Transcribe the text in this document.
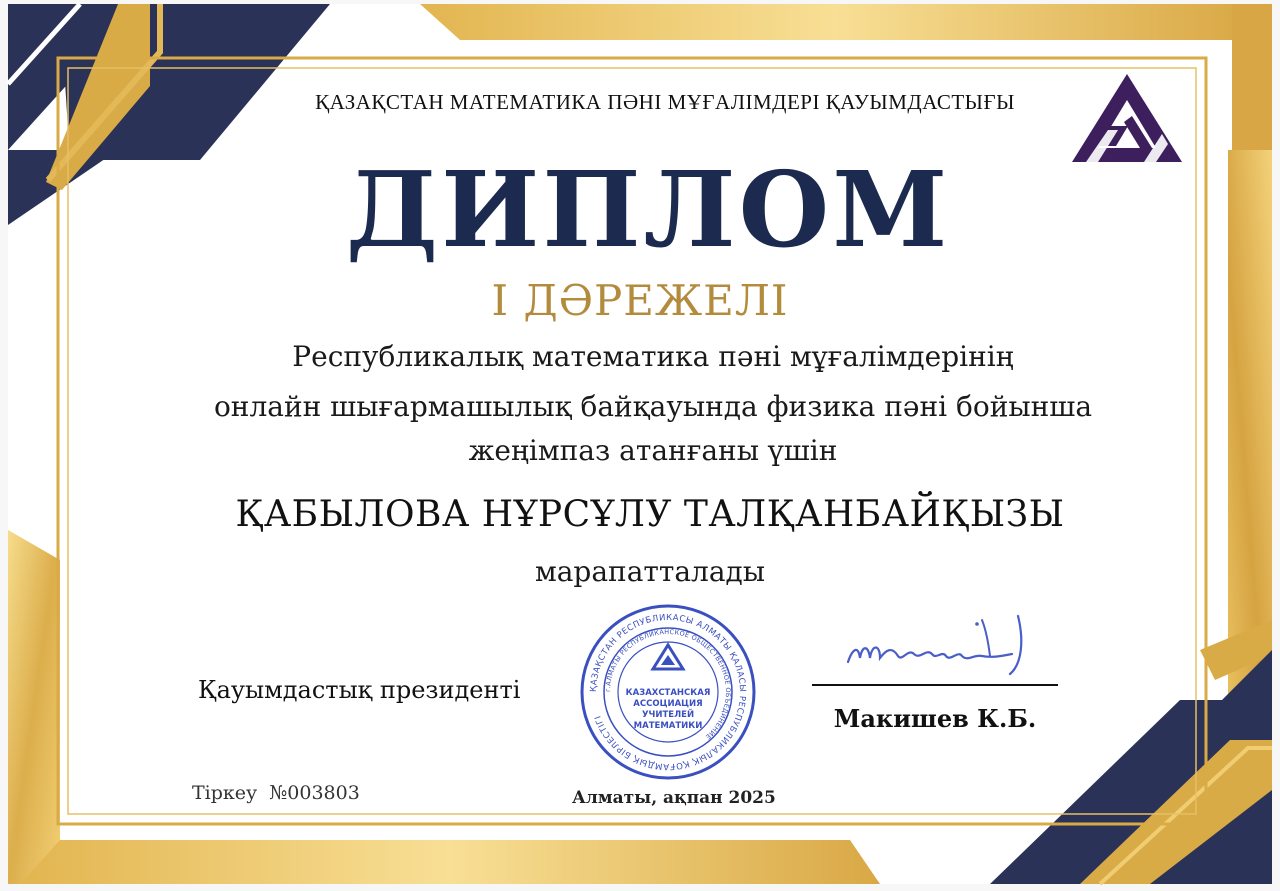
ҚАЗАҚСТАН МАТЕМАТИКА ПӘНІ МҰҒАЛІМДЕРІ ҚАУЫМДАСТЫҒЫ
ДИПЛОМ
І ДӘРЕЖЕЛІ
Республикалық математика пәні мұғалімдерінің
онлайн шығармашылық байқауында физика пәні бойынша
жеңімпаз атанғаны үшін
ҚАБЫЛОВА НҰРСҰЛУ ТАЛҚАНБАЙҚЫЗЫ
марапатталады
Қауымдастық президенті	ҚАЗАҚСТАН РЕСПУБЛИКАСЫ АЛМАТЫ ҚАЛАСЫ РЕСПУБЛИКАЛЫҚ ҚОҒАМДЫҚ БІРЛЕСТІГІ
г.АЛМАТЫ РЕСПУБЛИКАНСКОЕ ОБЩЕСТВЕННОЕ ОБЪЕДИНЕНИЕ
КАЗАХСТАНСКАЯ
АССОЦИАЦИЯ
УЧИТЕЛЕЙ
МАТЕМАТИКИ	Макишев К.Б.
Тіркеу  №003803	Алматы, ақпан 2025
